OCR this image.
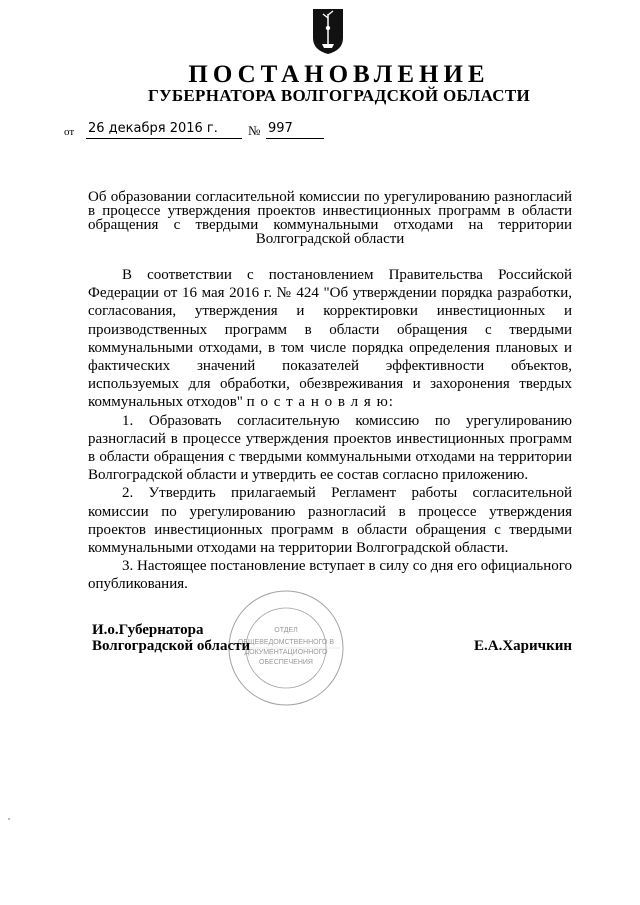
ПОСТАНОВЛЕНИЕ
ГУБЕРНАТОРА ВОЛГОГРАДСКОЙ ОБЛАСТИ
от 26 декабря 2016 г. № 997
Об образовании согласительной комиссии по урегулированию разногласий в процессе утверждения проектов инвестиционных программ в области обращения с твердыми коммунальными отходами на территории Волгоградской области

В соответствии с постановлением Правительства Российской Федерации от 16 мая 2016 г. № 424 "Об утверждении порядка разработки, согласования, утверждения и корректировки инвестиционных и производственных программ в области обращения с твердыми коммунальными отходами, в том числе порядка определения плановых и фактических значений показателей эффективности объектов, используемых для обработки, обезвреживания и захоронения твердых коммунальных отходов" п о с т а н о в л я ю:

1. Образовать согласительную комиссию по урегулированию разногласий в процессе утверждения проектов инвестиционных программ в области обращения с твердыми коммунальными отходами на территории Волгоградской области и утвердить ее состав согласно приложению.

2. Утвердить прилагаемый Регламент работы согласительной комиссии по урегулированию разногласий в процессе утверждения проектов инвестиционных программ в области обращения с твердыми коммунальными отходами на территории Волгоградской области.

3. Настоящее постановление вступает в силу со дня его официального опубликования.

И.о.Губернатора
Волгоградской области	Е.А.Харичкин
ОТДЕЛ
ОБЩЕВЕДОМСТВЕННОГО В
ДОКУМЕНТАЦИОННОГО
ОБЕСПЕЧЕНИЯ
